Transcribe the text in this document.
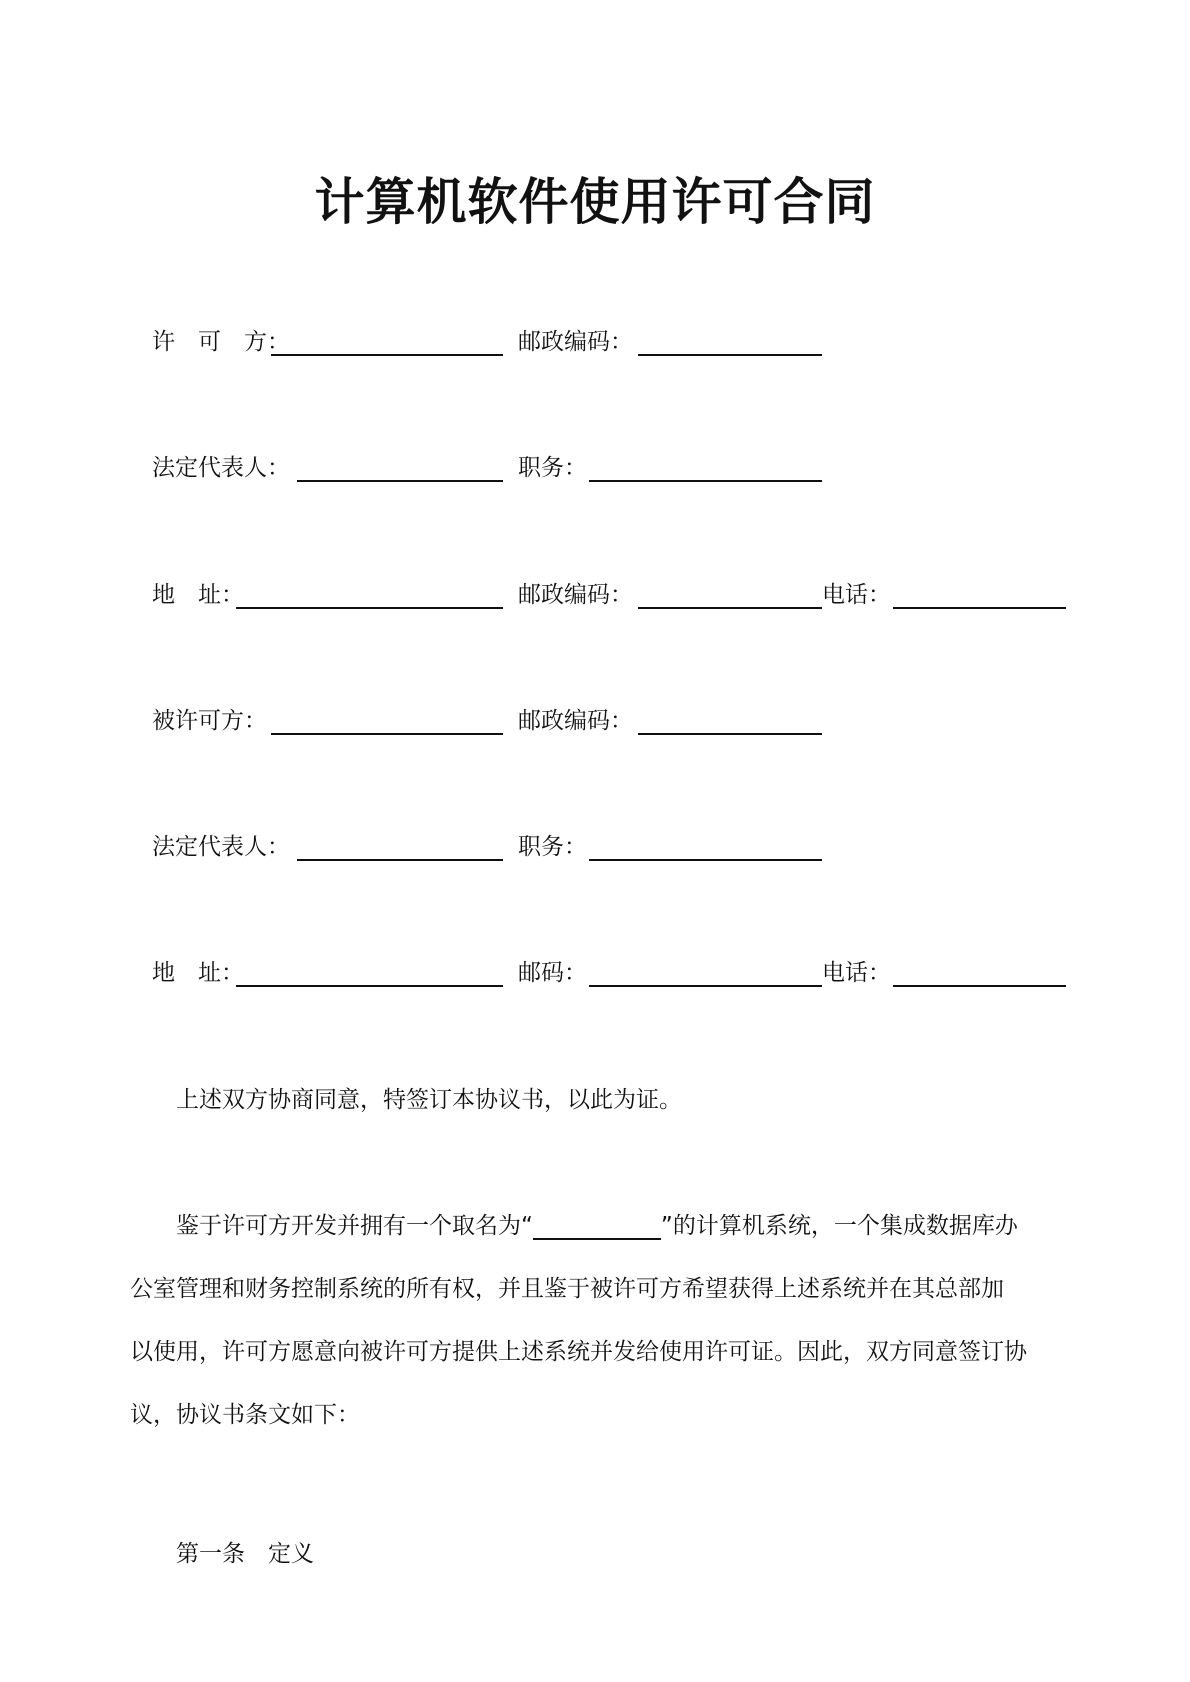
计算机软件使用许可合同
许　可　方：	邮政编码：
法定代表人：	职务：
地　址：	邮政编码：	电话：
被许可方：	邮政编码：
法定代表人：	职务：
地　址：	邮码：	电话：
上述双方协商同意，特签订本协议书，以此为证。
鉴于许可方开发并拥有一个取名为“	”的计算机系统，一个集成数据库办
公室管理和财务控制系统的所有权，并且鉴于被许可方希望获得上述系统并在其总部加
以使用，许可方愿意向被许可方提供上述系统并发给使用许可证。因此，双方同意签订协
议，协议书条文如下：
第一条　定义
